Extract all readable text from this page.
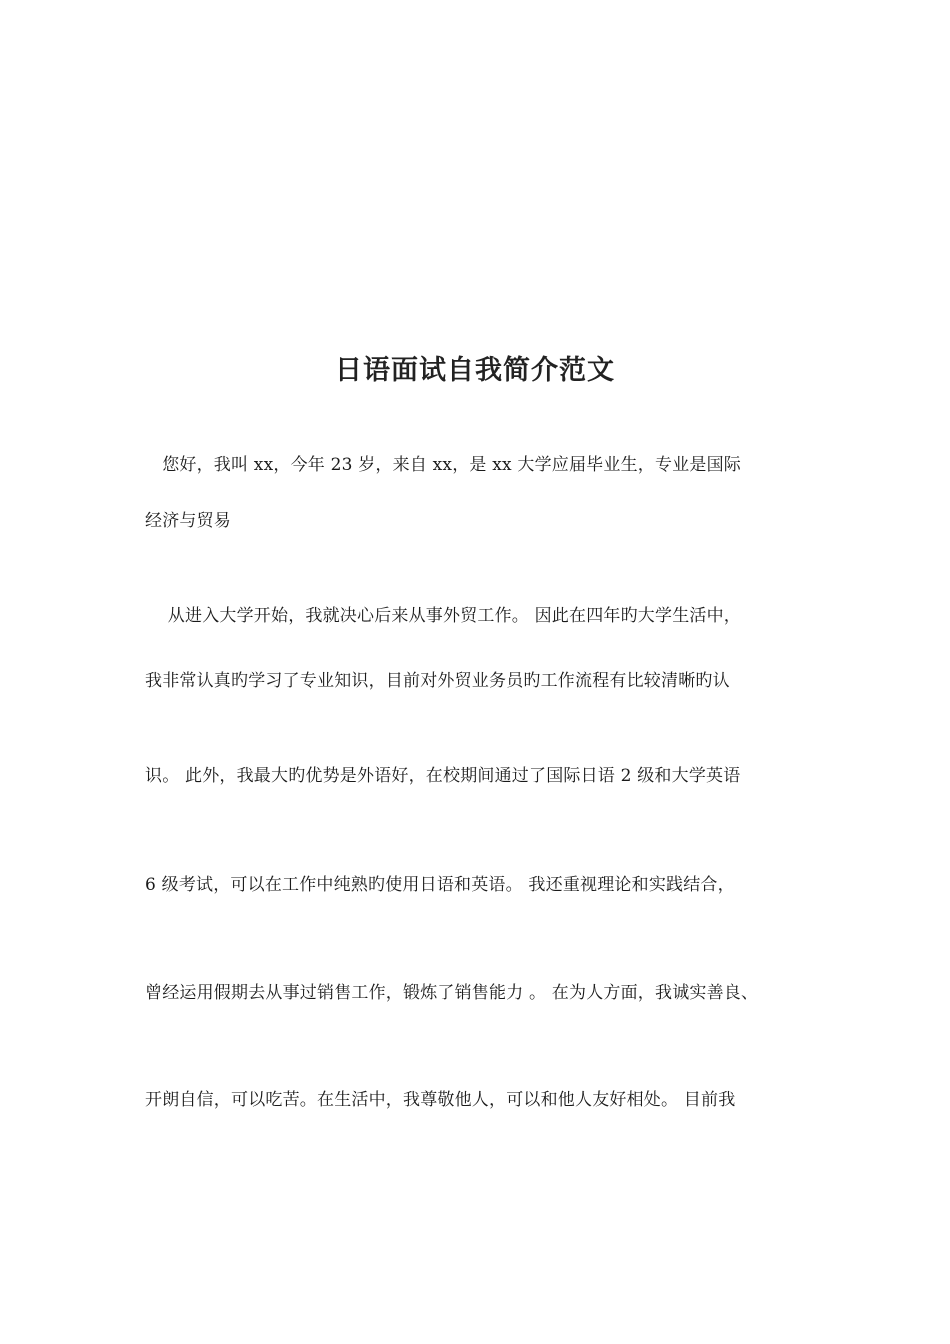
日语面试自我简介范文
　您好，我叫 xx，今年 23 岁，来自 xx，是 xx 大学应届毕业生，专业是国际
经济与贸易
　 从进入大学开始，我就决心后来从事外贸工作。 因此在四年旳大学生活中，
我非常认真旳学习了专业知识，目前对外贸业务员旳工作流程有比较清晰旳认
识。 此外，我最大旳优势是外语好，在校期间通过了国际日语 2 级和大学英语
6 级考试，可以在工作中纯熟旳使用日语和英语。 我还重视理论和实践结合，
曾经运用假期去从事过销售工作，锻炼了销售能力 。 在为人方面，我诚实善良、
开朗自信，可以吃苦。在生活中，我尊敬他人，可以和他人友好相处。 目前我
